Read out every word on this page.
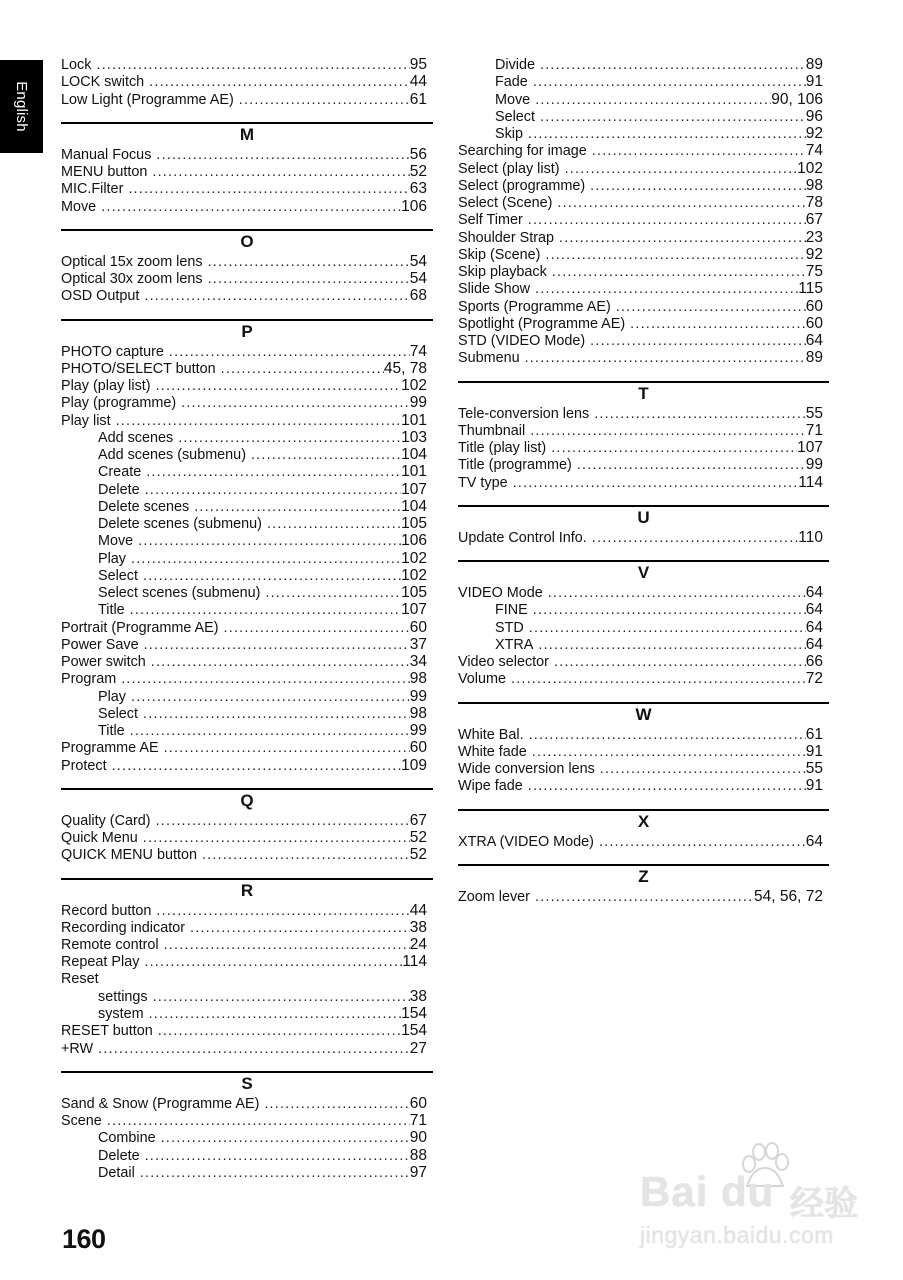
English
Lock .....	95
LOCK switch .....	44
Low Light (Programme AE) .....	61
M
Manual Focus .....	56
MENU button .....	52
MIC.Filter .....	63
Move .....	106
O
Optical 15x zoom lens .....	54
Optical 30x zoom lens .....	54
OSD Output .....	68
P
PHOTO capture .....	74
PHOTO/SELECT button .....	45, 78
Play (play list) .....	102
Play (programme) .....	99
Play list .....	101
Add scenes .....	103
Add scenes (submenu) .....	104
Create .....	101
Delete .....	107
Delete scenes .....	104
Delete scenes (submenu) .....	105
Move .....	106
Play .....	102
Select .....	102
Select scenes (submenu) .....	105
Title .....	107
Portrait (Programme AE) .....	60
Power Save .....	37
Power switch .....	34
Program .....	98
Play .....	99
Select .....	98
Title .....	99
Programme AE .....	60
Protect .....	109
Q
Quality (Card) .....	67
Quick Menu .....	52
QUICK MENU button .....	52
R
Record button .....	44
Recording indicator .....	38
Remote control .....	24
Repeat Play .....	114
Reset
settings .....	38
system .....	154
RESET button .....	154
+RW .....	27
S
Sand & Snow (Programme AE) .....	60
Scene .....	71
Combine .....	90
Delete .....	88
Detail .....	97
Divide .....	89
Fade .....	91
Move .....	90, 106
Select .....	96
Skip .....	92
Searching for image .....	74
Select (play list) .....	102
Select (programme) .....	98
Select (Scene) .....	78
Self Timer .....	67
Shoulder Strap .....	23
Skip (Scene) .....	92
Skip playback .....	75
Slide Show .....	115
Sports (Programme AE) .....	60
Spotlight (Programme AE) .....	60
STD (VIDEO Mode) .....	64
Submenu .....	89
T
Tele-conversion lens .....	55
Thumbnail .....	71
Title (play list) .....	107
Title (programme) .....	99
TV type .....	114
U
Update Control Info. .....	110
V
VIDEO Mode .....	64
FINE .....	64
STD .....	64
XTRA .....	64
Video selector .....	66
Volume .....	72
W
White Bal. .....	61
White fade .....	91
Wide conversion lens .....	55
Wipe fade .....	91
X
XTRA (VIDEO Mode) .....	64
Z
Zoom lever .....	54, 56, 72
160
Bai du 经验
jingyan.baidu.com
